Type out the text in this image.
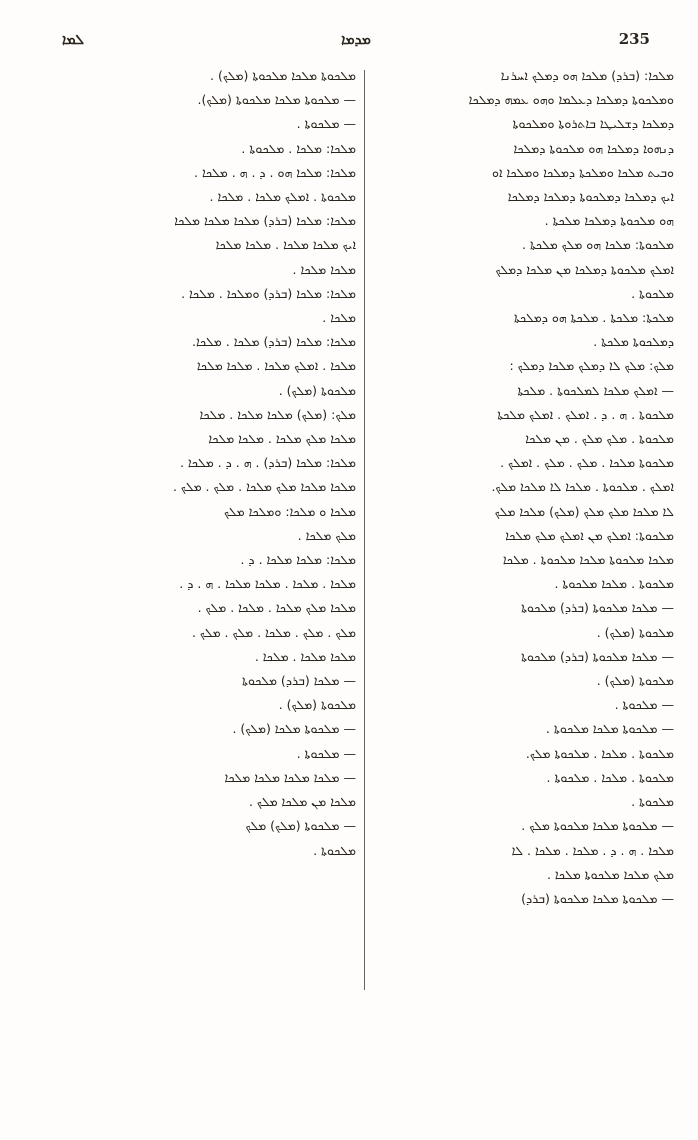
ܠܡܐ	ܡܕܡܐ	235

ܡܠܟܘܬܐ ܡܠܟܐ ܡܠܟܘܬܐ (ܡܠܟ) .
— ܡܠܟܘܬܐ ܡܠܟܐ ܡܠܟܘܬܐ (ܡܠܟ).
— ܡܠܟܘܬܐ .
ܡܠܟܐ: ܡܠܟܐ . ܡܠܟܘܬܐ .
ܡܠܟܐ: ܡܠܟܐ ܗܘ . ܕ . ܗ . ܡܠܟܐ .
ܡܠܟܘܬܐ . ܐܡܠܟ ܡܠܟܐ . ܡܠܟܐ .
ܡܠܟܐ: ܡܠܟܐ (ܒܪܕ) ܡܠܟܐ ܡܠܟܐ ܡܠܟܐ
ܐܝܟ ܡܠܟܐ ܡܠܟܐ . ܡܠܟܐ ܡܠܟܐ
ܡܠܟܐ ܡܠܟܐ .
ܡܠܟܐ: ܡܠܟܐ (ܒܪܕ) ܘܡܠܟܐ . ܡܠܟܐ .
ܡܠܟܐ .
ܡܠܟܐ: ܡܠܟܐ (ܒܪܕ) ܡܠܟܐ . ܡܠܟܐ.
ܡܠܟܐ . ܐܡܠܟ ܡܠܟܐ . ܡܠܟܐ ܡܠܟܐ
ܡܠܟܘܬܐ (ܡܠܟ) .
ܡܠܟ: (ܡܠܟ) ܡܠܟܐ ܡܠܟܐ . ܡܠܟܐ
ܡܠܟܐ ܡܠܟ ܡܠܟܐ . ܡܠܟܐ ܡܠܟܐ
ܡܠܟܐ: ܡܠܟܐ (ܒܪܕ) . ܗ . ܕ . ܡܠܟܐ .
ܡܠܟܐ ܡܠܟܐ ܡܠܟ ܡܠܟܐ . ܡܠܟ . ܡܠܟ .
ܡܠܟܐ ܘ ܡܠܟܐ: ܘܡܠܟܐ ܡܠܟ
ܡܠܟ ܡܠܟܐ .
ܡܠܟܐ: ܡܠܟܐ ܡܠܟܐ . ܕ .
ܡܠܟܐ . ܡܠܟܐ . ܡܠܟܐ ܡܠܟܐ . ܗ . ܕ .
ܡܠܟܐ ܡܠܟ ܡܠܟܐ . ܡܠܟܐ . ܡܠܟ .
ܡܠܟ . ܡܠܟ . ܡܠܟܐ . ܡܠܟ . ܡܠܟ .
ܡܠܟܐ ܡܠܟܐ . ܡܠܟܐ .
— ܡܠܟܐ (ܒܪܕ) ܡܠܟܘܬܐ
ܡܠܟܘܬܐ (ܡܠܟ) .
— ܡܠܟܘܬܐ ܡܠܟܐ (ܡܠܟ) .
— ܡܠܟܘܬܐ .
— ܡܠܟܐ ܡܠܟܐ ܡܠܟܐ ܡܠܟܐ
ܡܠܟܐ ܡܢ ܡܠܟܐ ܡܠܟ .
— ܡܠܟܘܬܐ (ܡܠܟ) ܡܠܟ
ܡܠܟܘܬܐ .

ܡܠܟܐ: (ܒܪܕ) ܡܠܟܐ ܗܘ ܕܡܠܟ ܐܚܪܢܐ
ܘܡܠܟܘܬܐ ܕܡܠܟܐ ܕܥܠܡܐ ܘܗܘ ܥܡܗ ܕܡܠܟܐ
ܕܡܠܟܐ ܕܫܠܝܛܐ ܒܐܬܪܘܬܐ ܘܡܠܟܘܬܐ
ܕܢܗܘܐ ܕܡܠܟܐ ܗܘ ܡܠܟܘܬܐ ܕܡܠܟܐ
ܘܒܝܬ ܡܠܟܐ ܘܡܠܟܬܐ ܕܡܠܟܐ ܘܡܠܟܐ ܐܘ
ܐܝܟ ܕܡܠܟܐ ܕܡܠܟܘܬܐ ܕܡܠܟܐ ܕܡܠܟܐ
ܗܘ ܡܠܟܘܬܐ ܕܡܠܟܐ ܡܠܟܬܐ .
ܡܠܟܘܬܐ: ܡܠܟܐ ܗܘ ܡܠܟ ܡܠܟܬܐ .
ܐܡܠܟ ܡܠܟܘܬܐ ܕܡܠܟܐ ܡܢ ܡܠܟܐ ܕܡܠܟ
ܡܠܟܘܬܐ .
ܡܠܟܬܐ: ܡܠܟܬܐ . ܡܠܟܬܐ ܗܘ ܕܡܠܟܬܐ
ܕܡܠܟܘܬܐ ܡܠܟܬܐ .
ܡܠܟ: ܡܠܟ ܠܐ ܕܡܠܟ ܡܠܟܐ ܕܡܠܟ :
— ܐܡܠܟ ܡܠܟܐ ܠܡܠܟܘܬܐ . ܡܠܟܬܐ
ܡܠܟܘܬܐ . ܗ . ܕ . ܐܡܠܟ . ܐܡܠܟ ܡܠܟܬܐ
ܡܠܟܘܬܐ . ܡܠܟ ܡܠܟ . ܡܢ ܡܠܟܐ
ܡܠܟܘܬܐ ܡܠܟܐ . ܡܠܟ . ܡܠܟ . ܐܡܠܟ .
ܐܡܠܟ . ܡܠܟܘܬܐ . ܡܠܟܐ ܠܐ ܡܠܟܐ ܡܠܟ.
ܠܐ ܡܠܟܐ ܡܠܟ ܡܠܟ (ܡܠܟ) ܡܠܟܐ ܡܠܟ
ܡܠܟܘܬܐ: ܐܡܠܟ ܡܢ ܐܡܠܟ ܡܠܟ ܡܠܟܐ
ܡܠܟܐ ܡܠܟܘܬܐ ܡܠܟܐ ܡܠܟܘܬܐ . ܡܠܟܐ
ܡܠܟܘܬܐ . ܡܠܟܐ ܡܠܟܘܬܐ .
— ܡܠܟܐ ܡܠܟܘܬܐ (ܒܪܕ) ܡܠܟܘܬܐ
ܡܠܟܘܬܐ (ܡܠܟ) .
— ܡܠܟܐ ܡܠܟܘܬܐ (ܒܪܕ) ܡܠܟܘܬܐ
ܡܠܟܘܬܐ (ܡܠܟ) .
— ܡܠܟܘܬܐ .
— ܡܠܟܘܬܐ ܡܠܟܐ ܡܠܟܘܬܐ .
ܡܠܟܘܬܐ . ܡܠܟܐ . ܡܠܟܘܬܐ ܡܠܟ.
ܡܠܟܘܬܐ . ܡܠܟܐ . ܡܠܟܘܬܐ .
ܡܠܟܘܬܐ .
— ܡܠܟܘܬܐ ܡܠܟܐ ܡܠܟܘܬܐ ܡܠܟ .
ܡܠܟܐ . ܗ . ܕ . ܡܠܟܐ . ܡܠܟܐ . ܠܐ
ܡܠܟ ܡܠܟܐ ܡܠܟܘܬܐ ܡܠܟܐ .
— ܡܠܟܘܬܐ ܡܠܟܐ ܡܠܟܘܬܐ (ܒܪܕ)
